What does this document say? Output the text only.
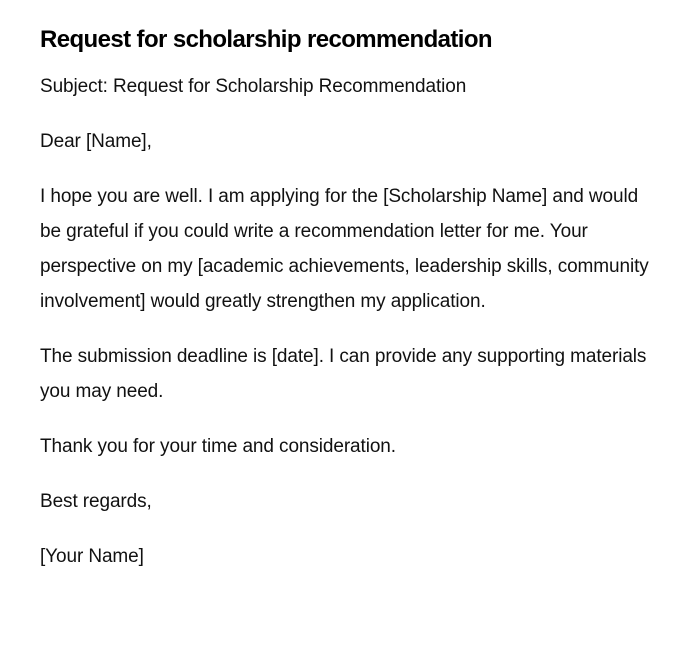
Request for scholarship recommendation

Subject: Request for Scholarship Recommendation

Dear [Name],

I hope you are well. I am applying for the [Scholarship Name] and would be grateful if you could write a recommendation letter for me. Your perspective on my [academic achievements, leadership skills, community involvement] would greatly strengthen my application.

The submission deadline is [date]. I can provide any supporting materials you may need.

Thank you for your time and consideration.

Best regards,

[Your Name]
